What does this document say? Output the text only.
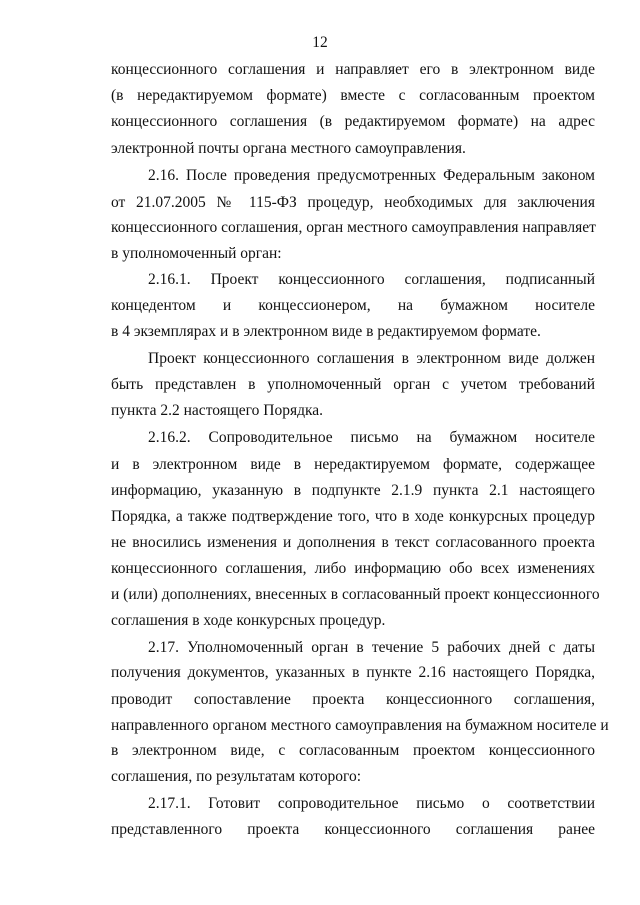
12
концессионного соглашения и направляет его в электронном виде
(в нередактируемом формате) вместе с согласованным проектом
концессионного соглашения (в редактируемом формате) на адрес
электронной почты органа местного самоуправления.
2.16. После проведения предусмотренных Федеральным законом
от 21.07.2005 № 115-ФЗ процедур, необходимых для заключения
концессионного соглашения, орган местного самоуправления направляет
в уполномоченный орган:
2.16.1. Проект концессионного соглашения, подписанный
концедентом и концессионером, на бумажном носителе
в 4 экземплярах и в электронном виде в редактируемом формате.
Проект концессионного соглашения в электронном виде должен
быть представлен в уполномоченный орган с учетом требований
пункта 2.2 настоящего Порядка.
2.16.2. Сопроводительное письмо на бумажном носителе
и в электронном виде в нередактируемом формате, содержащее
информацию, указанную в подпункте 2.1.9 пункта 2.1 настоящего
Порядка, а также подтверждение того, что в ходе конкурсных процедур
не вносились изменения и дополнения в текст согласованного проекта
концессионного соглашения, либо информацию обо всех изменениях
и (или) дополнениях, внесенных в согласованный проект концессионного
соглашения в ходе конкурсных процедур.
2.17. Уполномоченный орган в течение 5 рабочих дней с даты
получения документов, указанных в пункте 2.16 настоящего Порядка,
проводит сопоставление проекта концессионного соглашения,
направленного органом местного самоуправления на бумажном носителе и
в электронном виде, с согласованным проектом концессионного
соглашения, по результатам которого:
2.17.1. Готовит сопроводительное письмо о соответствии
представленного проекта концессионного соглашения ранее
